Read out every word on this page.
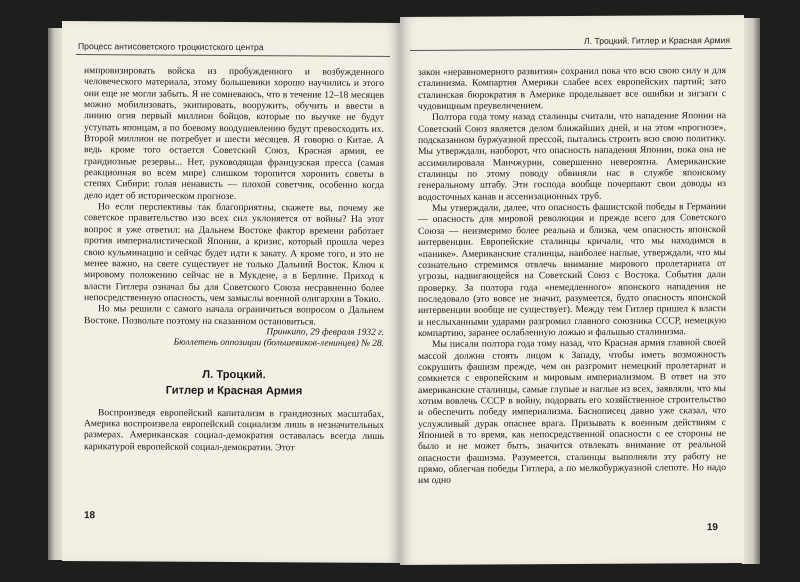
Процесс антисоветского троцкистского центра

импровизировать войска из пробужденного и возбужденного человеческого материала, этому большевики хорошо научились и этого они еще не могли забыть. Я не сомневаюсь, что в течение 12–18 месяцев можно мобилизовать, экипировать, вооружить, обучить и ввести в линию огня первый миллион бойцов, которые по выучке не будут уступать японцам, а по боевому воодушевлению будут превосходить их. Второй миллион не потребует и шести месяцев. Я говорю о Китае. А ведь кроме того остается Советский Союз, Красная армия, ее грандиозные резервы... Нет, руководящая французская пресса (самая реакционная во всем мире) слишком торопится хоронить советы в степях Сибири: голая ненависть — плохой советчик, особенно когда дело идет об историческом прогнозе.

Но если перспективы так благоприятны, скажете вы, почему же советское правительство изо всех сил уклоняется от войны? На этот вопрос я уже ответил: на Дальнем Востоке фактор времени работает против империалистической Японии, а кризис, который прошла через свою кульминацию и сейчас будет идти к закату. А кроме того, и это не менее важно, на свете существует не только Дальний Восток. Ключ к мировому положению сейчас не в Мукдене, а в Берлине. Приход к власти Гитлера означал бы для Советского Союза несравненно более непосредственную опасность, чем замыслы военной олигархии в Токио.

Но мы решили с самого начала ограничиться вопросом о Дальнем Востоке. Позвольте поэтому на сказанном остановиться.

Принкипо, 29 февраля 1932 г.

Бюллетень оппозиции (большевиков-ленинцев) № 28.

Л. Троцкий.
Гитлер и Красная Армия

Воспроизведя европейский капитализм в грандиозных масштабах, Америка воспроизвела европейский социализм лишь в незначительных размерах. Американская социал-демократия оставалась всегда лишь карикатурой европейской социал-демократии. Этот

18
Л. Троцкий. Гитлер и Красная Армия

закон «неравномерного развития» сохранил пока что всю свою силу и для сталинизма. Компартия Америки слабее всех европейских партий; зато сталинская бюрократия в Америке проделывает все ошибки и зигзаги с чудовищным преувеличением.

Полтора года тому назад сталинцы считали, что нападение Японии на Советский Союз является делом ближайших дней, и на этом «прогнозе», подсказанном буржуазной прессой, пытались строить всю свою политику. Мы утверждали, наоборот, что опасность нападения Японии, пока она не ассимилировала Манчжурии, совершенно невероятна. Американские сталинцы по этому поводу обвиняли нас в службе японскому генеральному штабу. Эти господа вообще почерпают свои доводы из водосточных канав и ассенизационных труб.

Мы утверждали, далее, что опасность фашистской победы в Германии — опасность для мировой революции и прежде всего для Советского Союза — неизмеримо более реальна и близка, чем опасность японской интервенции. Европейские сталинцы кричали, что мы находимся в «панике». Американские сталинцы, наиболее наглые, утверждали, что мы сознательно стремимся отвлечь внимание мирового пролетариата от угрозы, надвигающейся на Советский Союз с Востока. События дали проверку. За полтора года «немедленного» японского нападения не последовало (это вовсе не значит, разумеется, будто опасность японской интервенции вообще не существует). Между тем Гитлер пришел к власти и неслыханными ударами разгромил главного союзника СССР, немецкую компартию, заранее ослабленную ложью и фальшью сталинизма.

Мы писали полтора года тому назад, что Красная армия главной своей массой должна стоять лицом к Западу, чтобы иметь возможность сокрушить фашизм прежде, чем он разгромит немецкий пролетариат и сомкнется с европейским и мировым империализмом. В ответ на это американские сталинцы, самые глупые и наглые из всех, заявляли, что мы хотим вовлечь СССР в войну, подорвать его хозяйственное строительство и обеспечить победу империализма. Баснописец давно уже сказал, что услужливый дурак опаснее врага. Призывать к военным действиям с Японией в то время, как непосредственной опасности с ее стороны не было и не может быть, значится отвлекать внимание от реальной опасности фашизма. Разумеется, сталинцы выполняли эту работу не прямо, облегчая победы Гитлера, а по мелкобуржуазной слепоте. Но надо им одно

19
